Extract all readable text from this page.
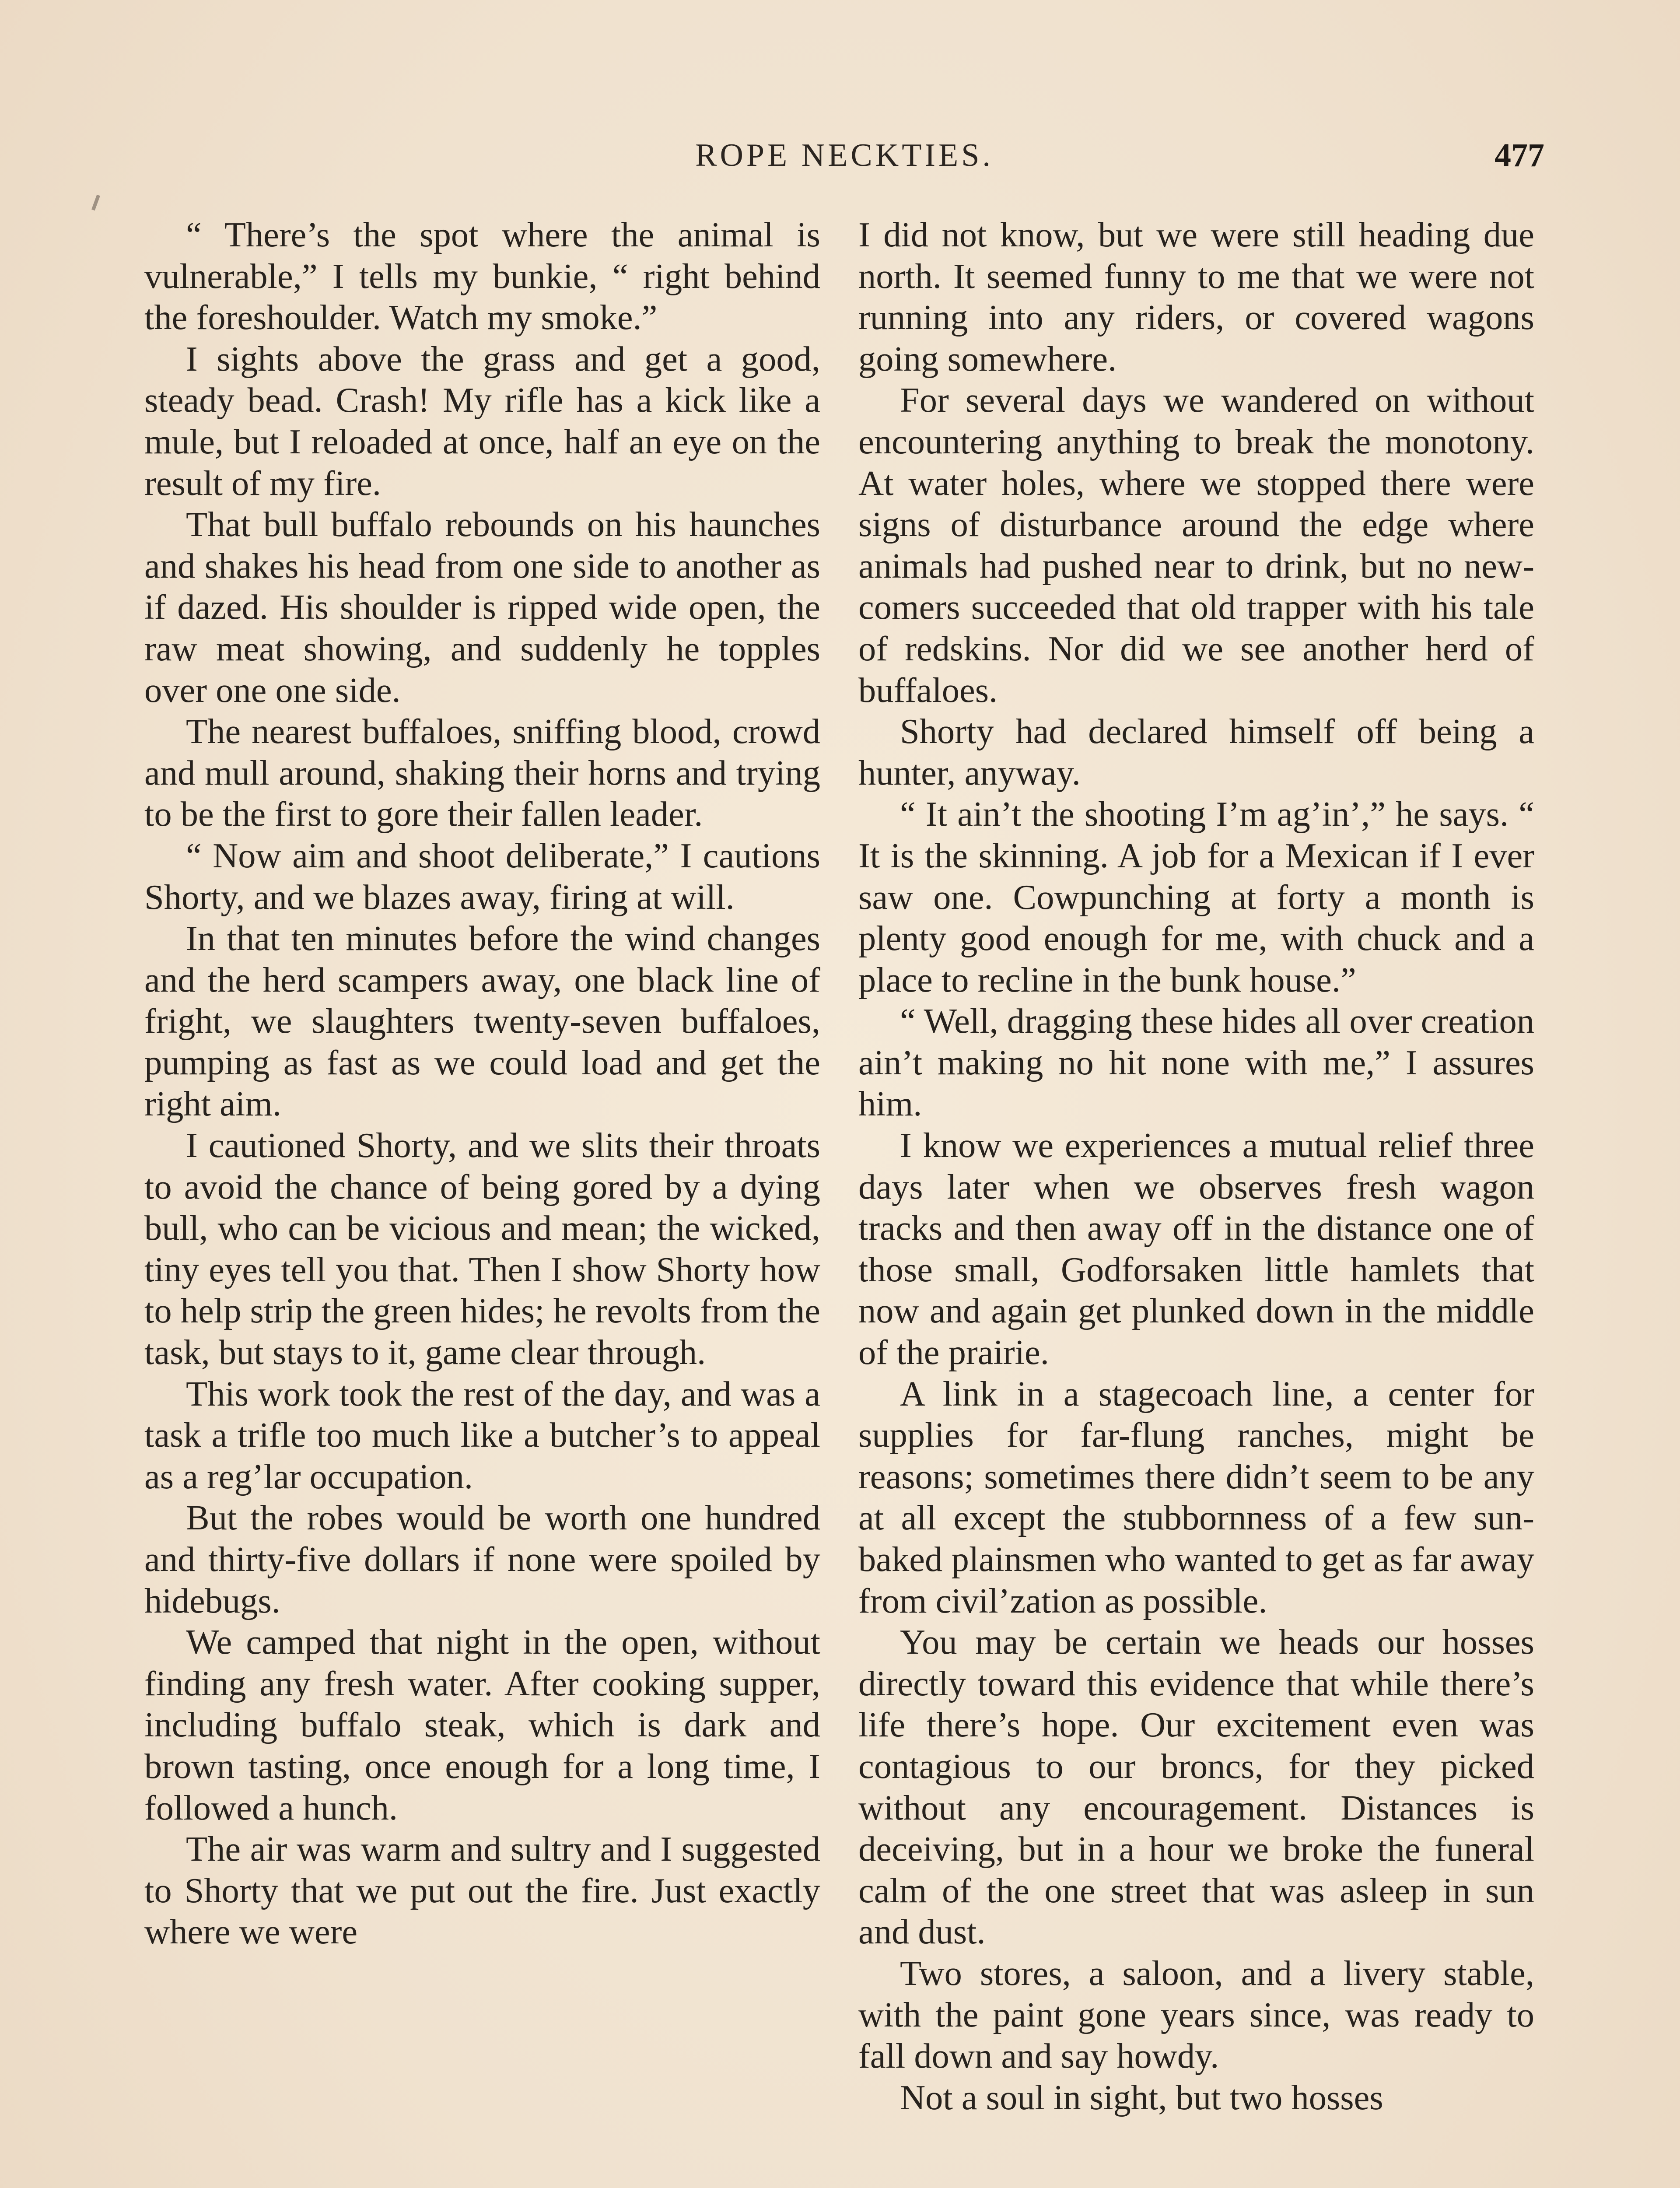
ROPE NECKTIES.	477

“ There’s the spot where the animal is vulnerable,” I tells my bunkie, “ right behind the foreshoulder. Watch my smoke.”

I sights above the grass and get a good, steady bead. Crash! My rifle has a kick like a mule, but I reloaded at once, half an eye on the result of my fire.

That bull buffalo rebounds on his haunches and shakes his head from one side to another as if dazed. His shoulder is ripped wide open, the raw meat showing, and suddenly he topples over one one side.

The nearest buffaloes, sniffing blood, crowd and mull around, shaking their horns and trying to be the first to gore their fallen leader.

“ Now aim and shoot deliberate,” I cautions Shorty, and we blazes away, firing at will.

In that ten minutes before the wind changes and the herd scampers away, one black line of fright, we slaughters twenty-seven buffaloes, pumping as fast as we could load and get the right aim.

I cautioned Shorty, and we slits their throats to avoid the chance of being gored by a dying bull, who can be vicious and mean; the wicked, tiny eyes tell you that. Then I show Shorty how to help strip the green hides; he revolts from the task, but stays to it, game clear through.

This work took the rest of the day, and was a task a trifle too much like a butcher’s to appeal as a reg’lar occupation.

But the robes would be worth one hundred and thirty-five dollars if none were spoiled by hidebugs.

We camped that night in the open, without finding any fresh water. After cooking supper, including buffalo steak, which is dark and brown tasting, once enough for a long time, I followed a hunch.

The air was warm and sultry and I suggested to Shorty that we put out the fire. Just exactly where we were

I did not know, but we were still heading due north. It seemed funny to me that we were not running into any riders, or covered wagons going somewhere.

For several days we wandered on without encountering anything to break the monotony. At water holes, where we stopped there were signs of disturbance around the edge where animals had pushed near to drink, but no newcomers succeeded that old trapper with his tale of redskins. Nor did we see another herd of buffaloes.

Shorty had declared himself off being a hunter, anyway.

“ It ain’t the shooting I’m ag’in’,” he says. “ It is the skinning. A job for a Mexican if I ever saw one. Cowpunching at forty a month is plenty good enough for me, with chuck and a place to recline in the bunk house.”

“ Well, dragging these hides all over creation ain’t making no hit none with me,” I assures him.

I know we experiences a mutual relief three days later when we observes fresh wagon tracks and then away off in the distance one of those small, Godforsaken little hamlets that now and again get plunked down in the middle of the prairie.

A link in a stagecoach line, a center for supplies for far-flung ranches, might be reasons; sometimes there didn’t seem to be any at all except the stubbornness of a few sun-baked plainsmen who wanted to get as far away from civil’zation as possible.

You may be certain we heads our hosses directly toward this evidence that while there’s life there’s hope. Our excitement even was contagious to our broncs, for they picked without any encouragement. Distances is deceiving, but in a hour we broke the funeral calm of the one street that was asleep in sun and dust.

Two stores, a saloon, and a livery stable, with the paint gone years since, was ready to fall down and say howdy.

Not a soul in sight, but two hosses
